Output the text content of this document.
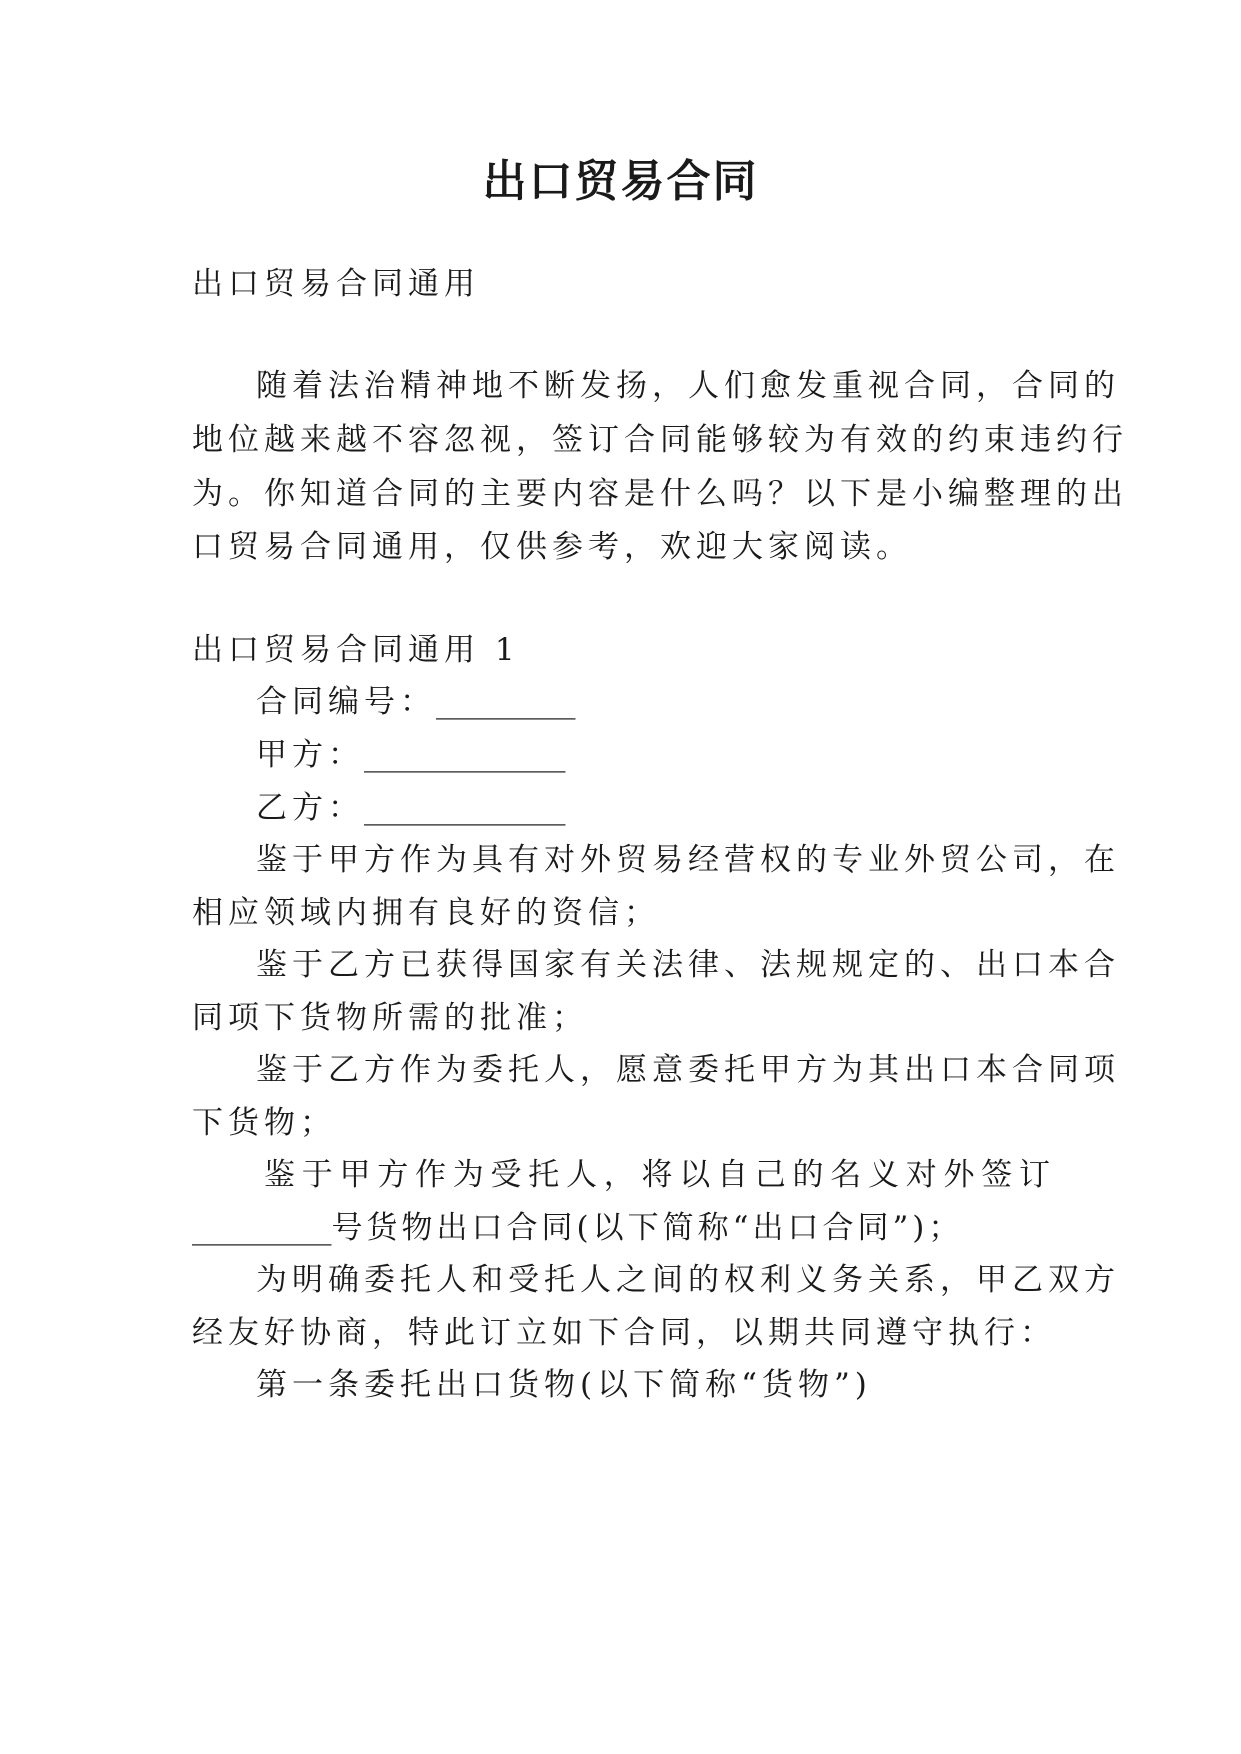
出口贸易合同
出口贸易合同通用
随着法治精神地不断发扬，人们愈发重视合同，合同的
地位越来越不容忽视，签订合同能够较为有效的约束违约行
为。你知道合同的主要内容是什么吗？以下是小编整理的出
口贸易合同通用，仅供参考，欢迎大家阅读。
出口贸易合同通用 1
合同编号：_________
甲方：_____________
乙方：_____________
鉴于甲方作为具有对外贸易经营权的专业外贸公司，在
相应领域内拥有良好的资信；
鉴于乙方已获得国家有关法律、法规规定的、出口本合
同项下货物所需的批准；
鉴于乙方作为委托人，愿意委托甲方为其出口本合同项
下货物；
鉴于甲方作为受托人，将以自己的名义对外签订
_________号货物出口合同(以下简称“出口合同”)；
为明确委托人和受托人之间的权利义务关系，甲乙双方
经友好协商，特此订立如下合同，以期共同遵守执行：
第一条委托出口货物(以下简称“货物”)
